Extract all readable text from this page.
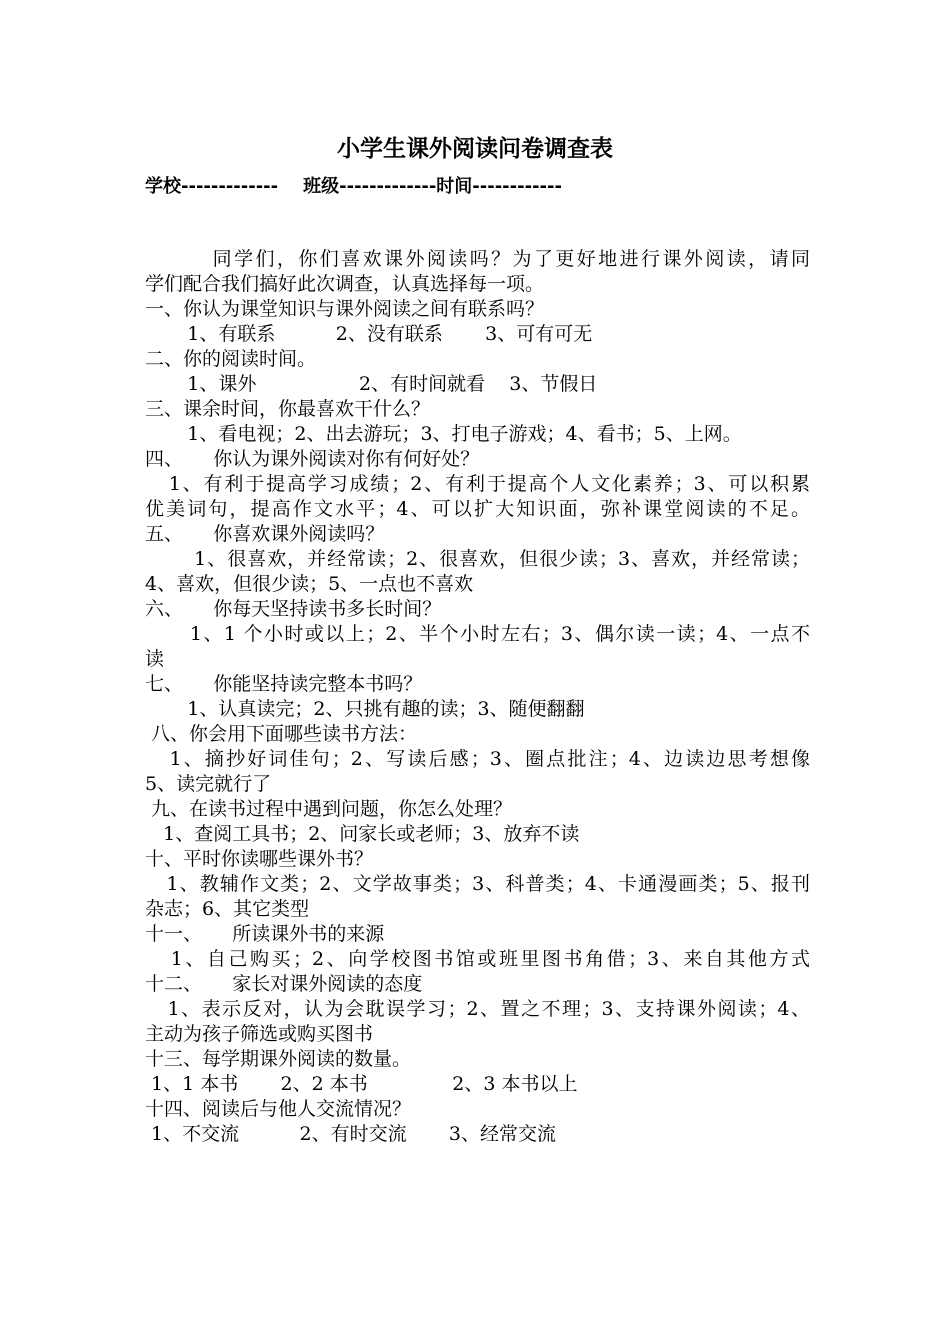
小学生课外阅读问卷调查表
学校-------------    班级-------------时间------------
同学们，你们喜欢课外阅读吗？为了更好地进行课外阅读，请同
学们配合我们搞好此次调查，认真选择每一项。
一、你认为课堂知识与课外阅读之间有联系吗？
1、有联系          2、没有联系       3、可有可无
二、你的阅读时间。
1、课外                 2、有时间就看    3、节假日
三、课余时间，你最喜欢干什么？
1、看电视；2、出去游玩；3、打电子游戏；4、看书；5、上网。
四、     你认为课外阅读对你有何好处？
1、有利于提高学习成绩；2、有利于提高个人文化素养；3、可以积累
优美词句，提高作文水平；4、可以扩大知识面，弥补课堂阅读的不足。
五、     你喜欢课外阅读吗？
1、很喜欢，并经常读；2、很喜欢，但很少读；3、喜欢，并经常读；
4、喜欢，但很少读；5、一点也不喜欢
六、     你每天坚持读书多长时间？
1、1 个小时或以上；2、半个小时左右；3、偶尔读一读；4、一点不
读
七、     你能坚持读完整本书吗？
1、认真读完；2、只挑有趣的读；3、随便翻翻
八、你会用下面哪些读书方法：
1、摘抄好词佳句；2、写读后感；3、圈点批注；4、边读边思考想像
5、读完就行了
九、在读书过程中遇到问题，你怎么处理？
1、查阅工具书；2、问家长或老师；3、放弃不读
十、平时你读哪些课外书？
1、教辅作文类；2、文学故事类；3、科普类；4、卡通漫画类；5、报刊
杂志；6、其它类型
十一、     所读课外书的来源
1、自己购买；2、向学校图书馆或班里图书角借；3、来自其他方式
十二、     家长对课外阅读的态度
1、表示反对，认为会耽误学习；2、置之不理；3、支持课外阅读；4、
主动为孩子筛选或购买图书
十三、每学期课外阅读的数量。
1、1 本书       2、2 本书              2、3 本书以上
十四、阅读后与他人交流情况？
1、不交流          2、有时交流       3、经常交流
